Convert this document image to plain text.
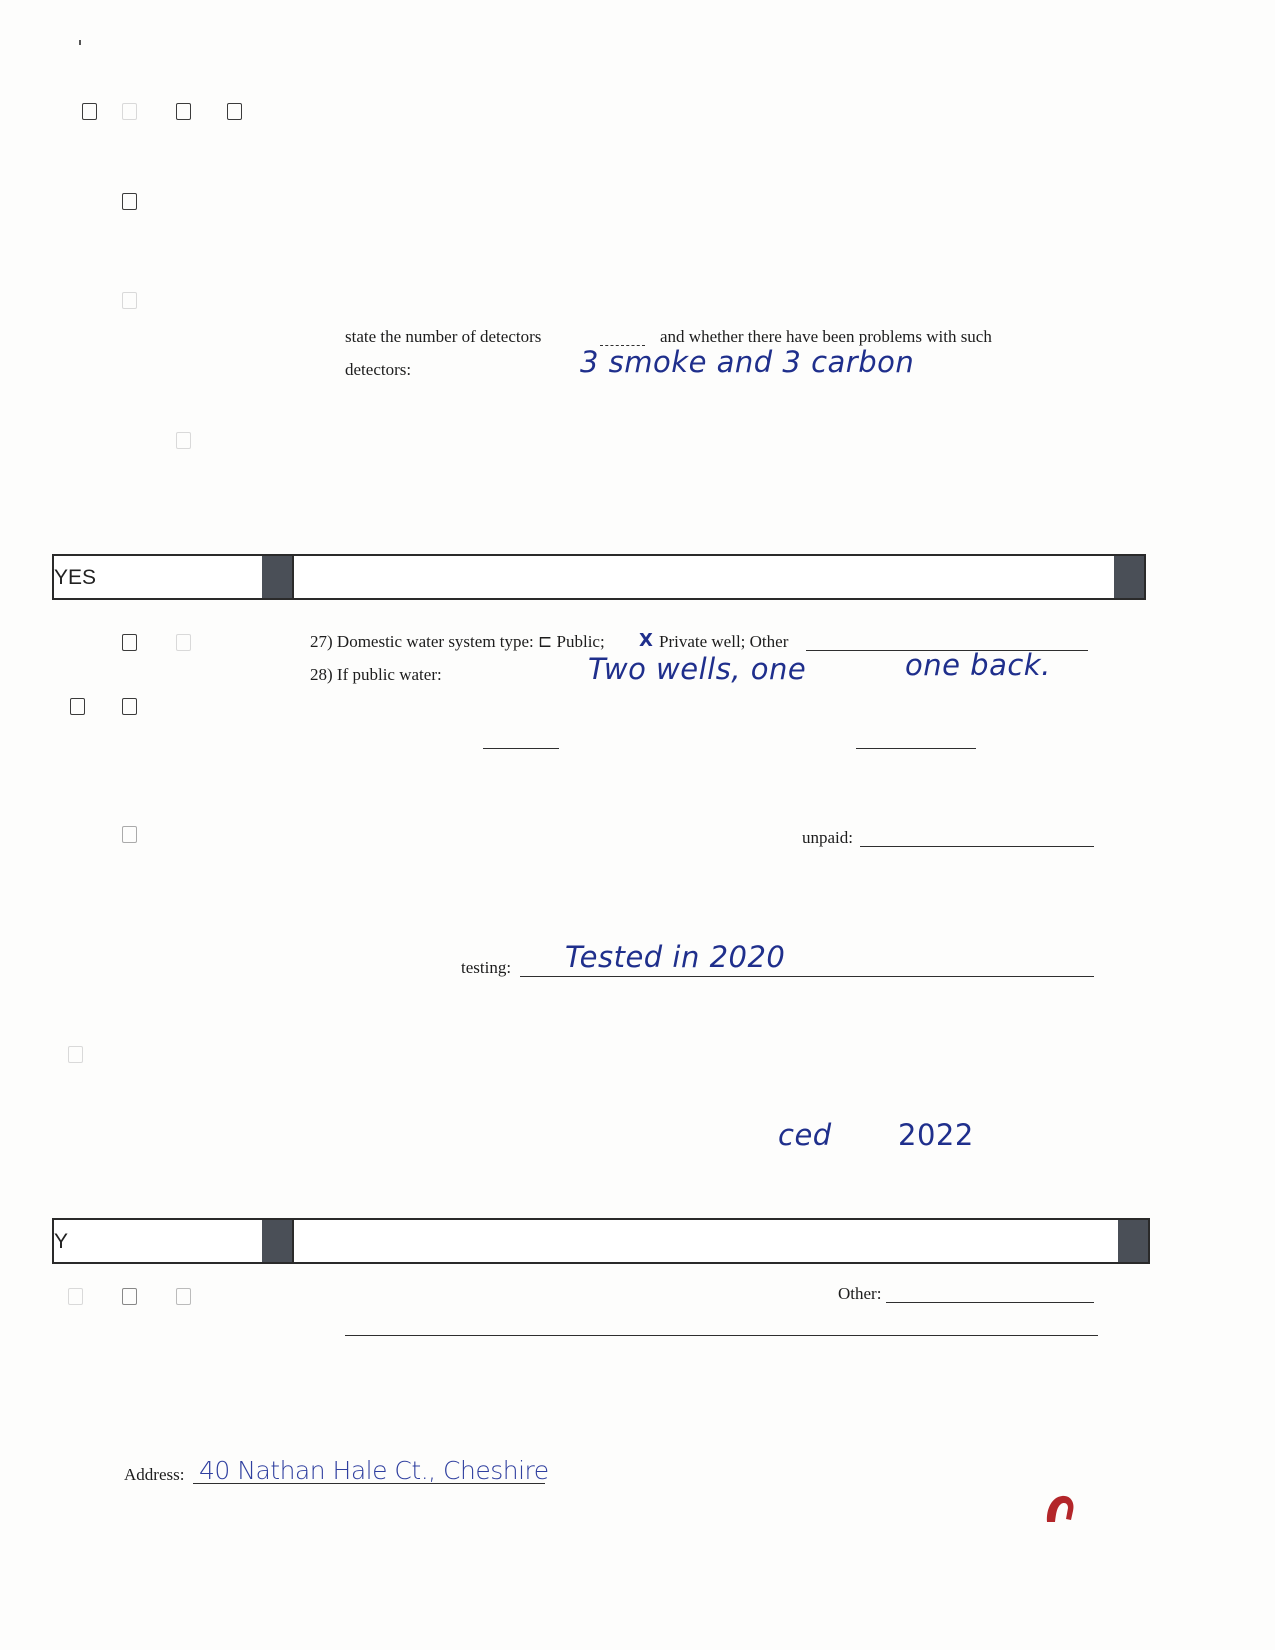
state the number of detectors	and whether there have been problems with such
detectors:	3 smoke and 3 carbon
YES
27) Domestic water system type: ⊏ Public; X Private well; Other
28) If public water:	Two wells, one	one back.
unpaid:
testing: Tested in 2020
ced 2022
Y
Other:
Address: 40 Nathan Hale Ct., Cheshire
